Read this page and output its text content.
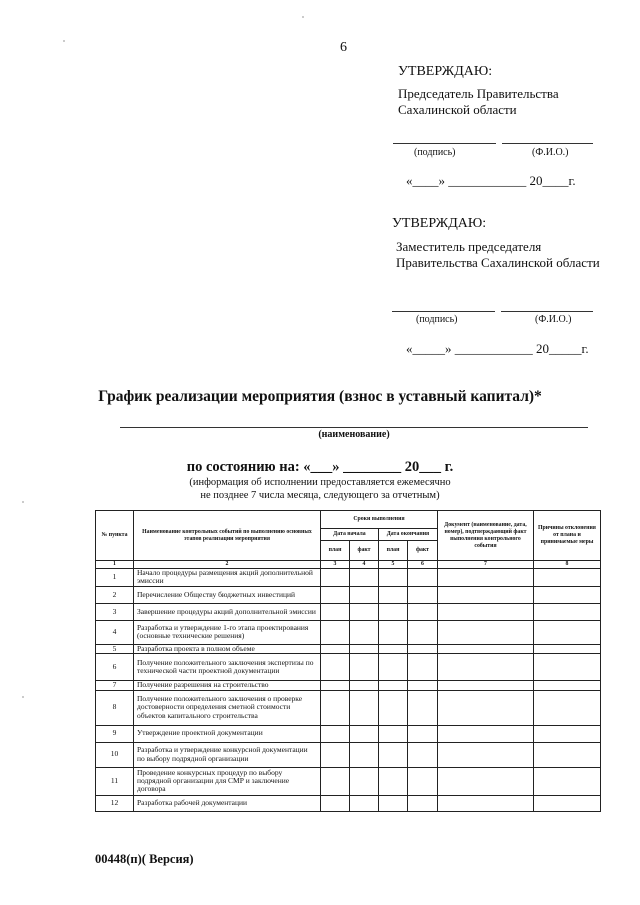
6
УТВЕРЖДАЮ:
Председатель Правительства
Сахалинской области
(подпись)	(Ф.И.О.)
«____» ____________ 20____г.
УТВЕРЖДАЮ:
Заместитель председателя
Правительства Сахалинской области
(подпись)	(Ф.И.О.)
«_____» ____________ 20_____г.
График реализации мероприятия (взнос в уставный капитал)*
(наименование)
по состоянию на: «___» ________ 20___ г.
(информация об исполнении предоставляется ежемесячно
не позднее 7 числа месяца, следующего за отчетным)
№ пункта	Наименование контрольных событий по выполнению основных этапов реализации мероприятия	Сроки выполнения				Документ (наименование, дата, номер), подтверждающий факт выполнения контрольного события	Причины отклонения от плана и принимаемые меры
		Дата начала		Дата окончания			
		план	факт	план	факт		
1	2	3	4	5	6	7	8
1	Начало процедуры размещения акций дополнительной эмиссии						
2	Перечисление Обществу бюджетных инвестиций						
3	Завершение процедуры акций дополнительной эмиссии						
4	Разработка и утверждение 1-го этапа проектирования (основные технические решения)						
5	Разработка проекта в полном объеме						
6	Получение положительного заключения экспертизы по технической части проектной документации						
7	Получение разрешения на строительство						
8	Получение положительного заключения о проверке достоверности определения сметной стоимости объектов капитального строительства						
9	Утверждение проектной документации						
10	Разработка и утверждение конкурсной документации по выбору подрядной организации						
11	Проведение конкурсных процедур по выбору подрядной организации для СМР и заключение договора						
12	Разработка рабочей документации						
00448(п)( Версия)
